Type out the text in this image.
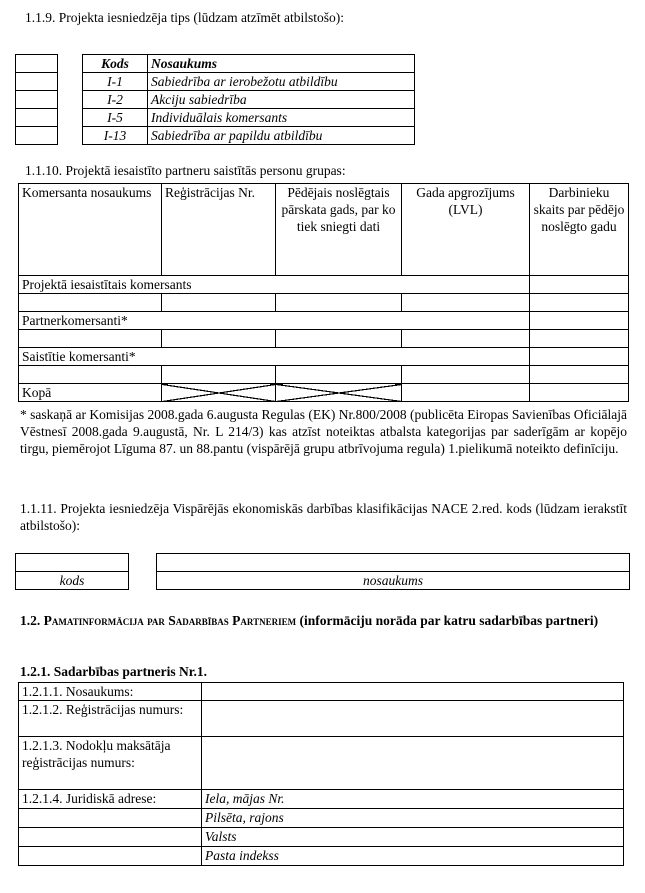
1.1.9. Projekta iesniedzēja tips (lūdzam atzīmēt atbilstošo):

Kods	Nosaukums
I-1	Sabiedrība ar ierobežotu atbildību
I-2	Akciju sabiedrība
I-5	Individuālais komersants
I-13	Sabiedrība ar papildu atbildību
1.1.10. Projektā iesaistīto partneru saistītās personu grupas:
Komersanta nosaukums	Reģistrācijas Nr.	Pēdējais noslēgtais pārskata gads, par ko tiek sniegti dati	Gada apgrozījums (LVL)	Darbinieku skaits par pēdējo noslēgto gadu
Projektā iesaistītais komersants				

Partnerkomersanti*				

Saistītie komersanti*				

Kopā				

* saskaņā ar Komisijas 2008.gada 6.augusta Regulas (EK) Nr.800/2008 (publicēta Eiropas Savienības Oficiālajā Vēstnesī 2008.gada 9.augustā, Nr. L 214/3) kas atzīst noteiktas atbalsta kategorijas par saderīgām ar kopējo tirgu, piemērojot Līguma 87. un 88.pantu (vispārējā grupu atbrīvojuma regula) 1.pielikumā noteikto definīciju.

1.1.11. Projekta iesniedzēja Vispārējās ekonomiskās darbības klasifikācijas NACE 2.red. kods (lūdzam ierakstīt atbilstošo):

kods	nosaukums

1.2. Pamatinformācija par Sadarbības Partneriem (informāciju norāda par katru sadarbības partneri)

1.2.1. Sadarbības partneris Nr.1.
1.2.1.1. Nosaukums:	
1.2.1.2. Reģistrācijas numurs:	
1.2.1.3. Nodokļu maksātāja reģistrācijas numurs:	
1.2.1.4. Juridiskā adrese:	Iela, mājas Nr.
	Pilsēta, rajons
	Valsts
	Pasta indekss
